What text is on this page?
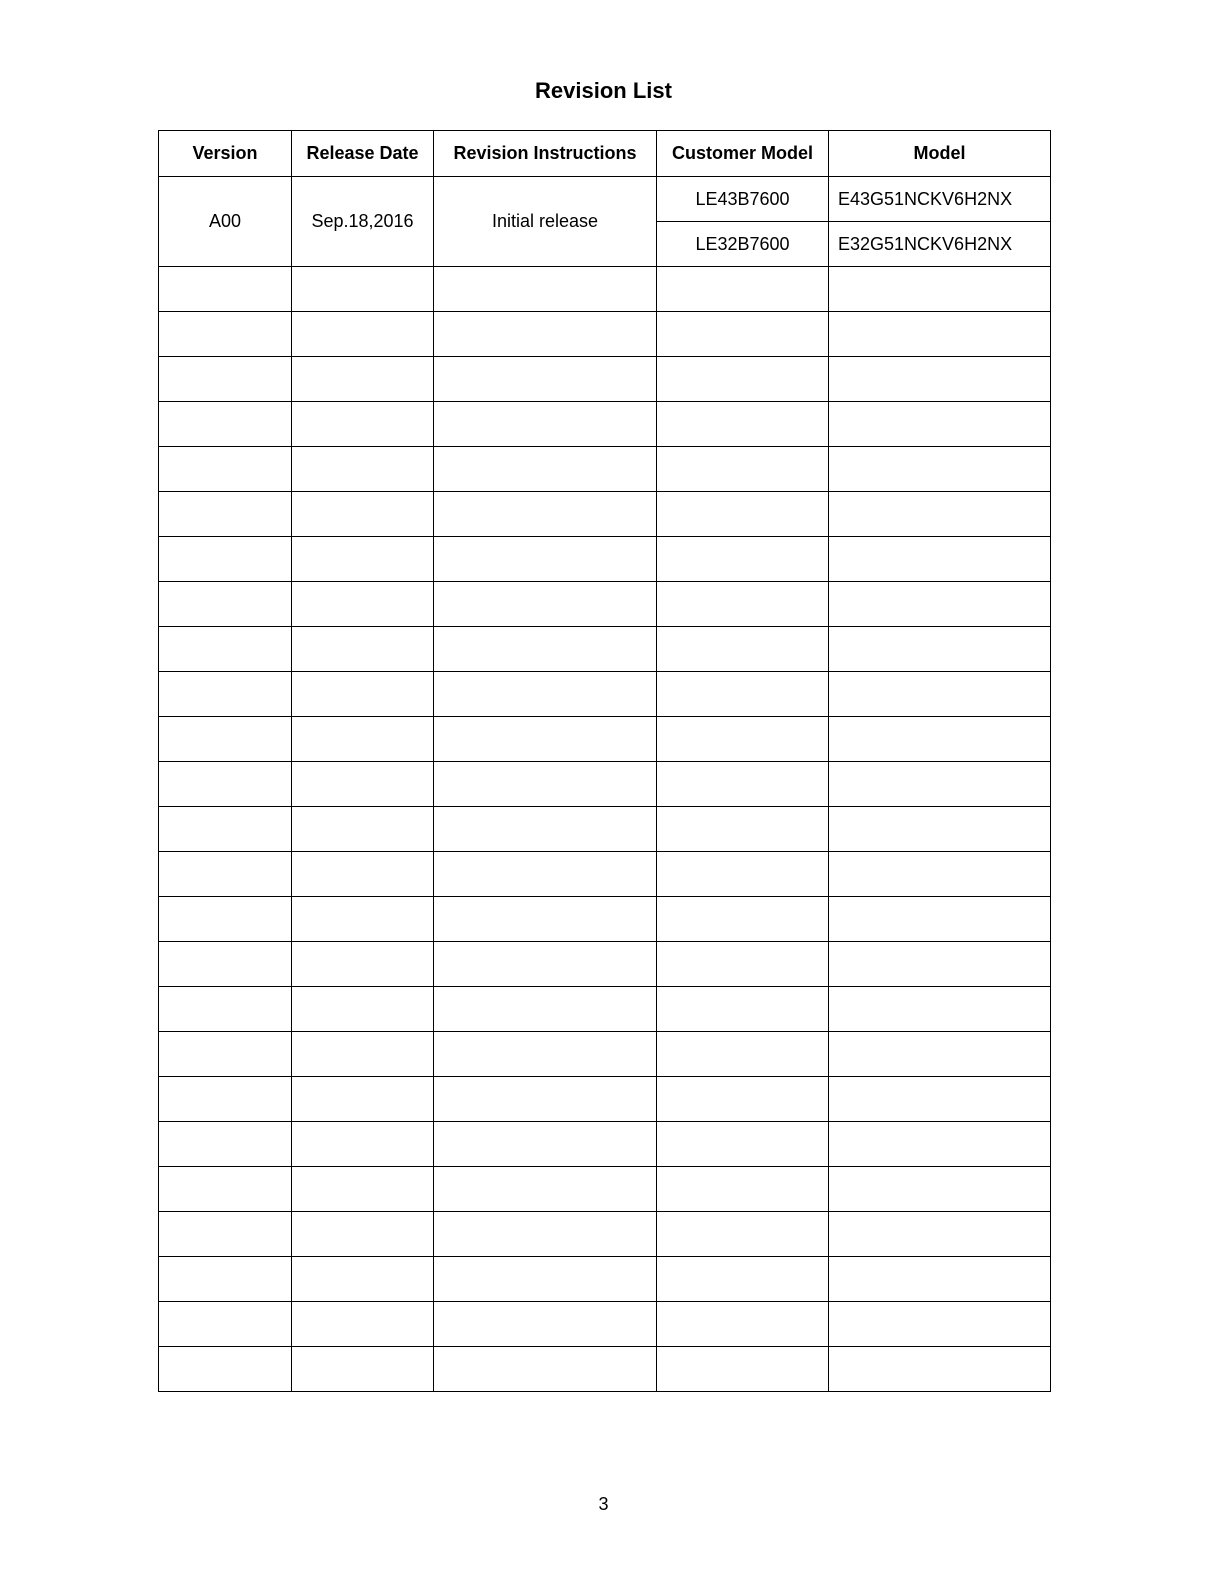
Revision List
Version	Release Date	Revision Instructions	Customer Model	Model
A00	Sep.18,2016	Initial release	LE43B7600	E43G51NCKV6H2NX
			LE32B7600	E32G51NCKV6H2NX

3
